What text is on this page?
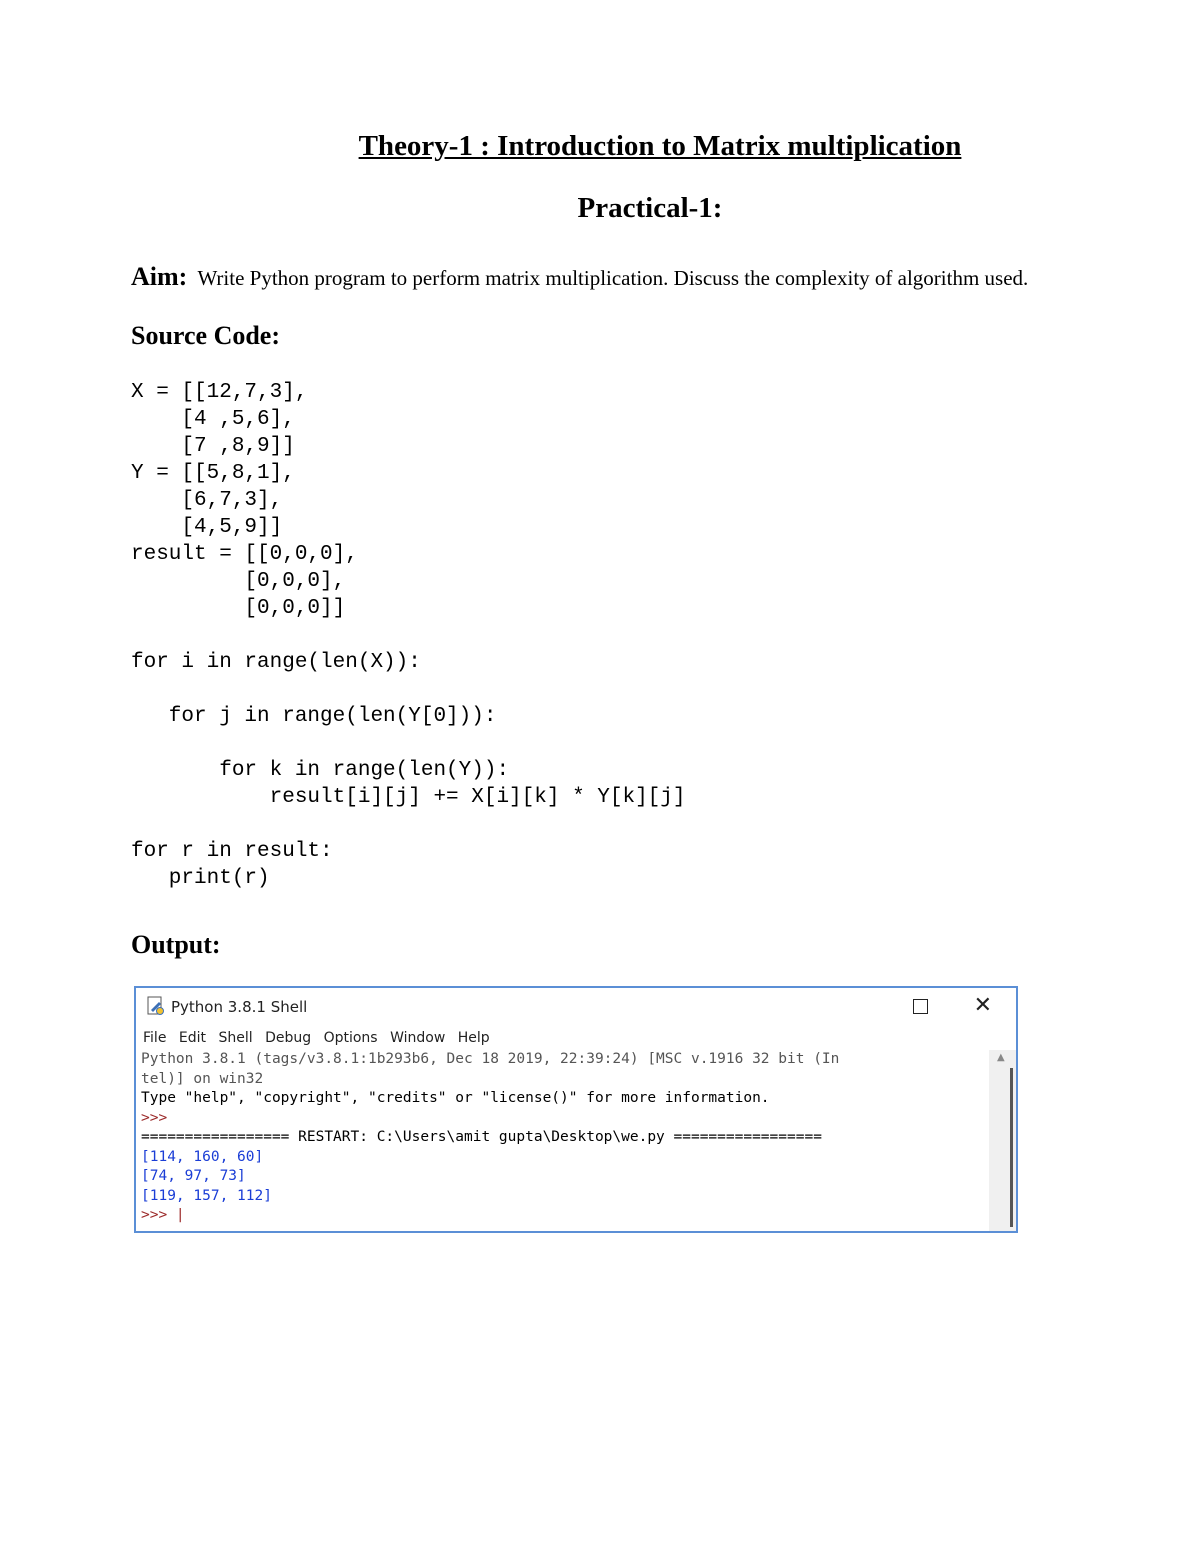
Theory-1 : Introduction to Matrix multiplication
Practical-1:
Aim: Write Python program to perform matrix multiplication. Discuss the complexity of algorithm used.
Source Code:
X = [[12,7,3],
[4 ,5,6],
[7 ,8,9]]
Y = [[5,8,1],
[6,7,3],
[4,5,9]]
result = [[0,0,0],
[0,0,0],
[0,0,0]]
for i in range(len(X)):
for j in range(len(Y[0])):
for k in range(len(Y)):
result[i][j] += X[i][k] * Y[k][j]
for r in result:
print(r)
Output:
Python 3.8.1 Shell	✕
File Edit Shell Debug Options Window Help
Python 3.8.1 (tags/v3.8.1:1b293b6, Dec 18 2019, 22:39:24) [MSC v.1916 32 bit (In
tel)] on win32
Type "help", "copyright", "credits" or "license()" for more information.
>>>
================= RESTART: C:\Users\amit gupta\Desktop\we.py =================
[114, 160, 60]
[74, 97, 73]
[119, 157, 112]
>>> |
▲
